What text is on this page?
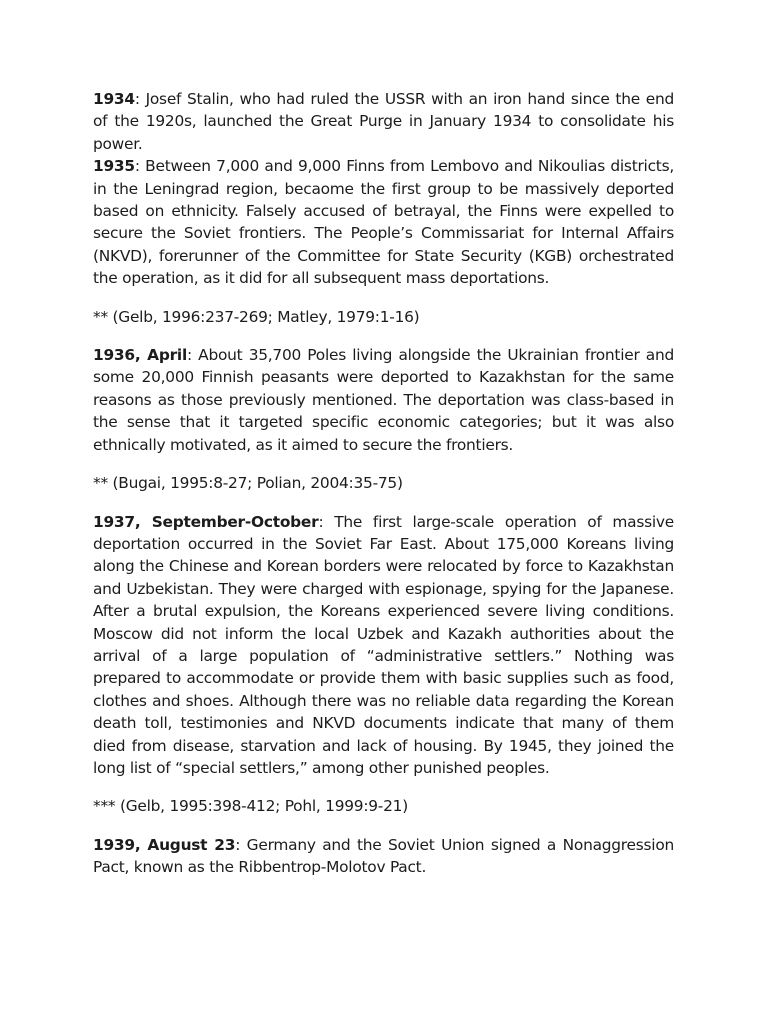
1934: Josef Stalin, who had ruled the USSR with an iron hand since the end of the 1920s, launched the Great Purge in January 1934 to consolidate his power.

1935: Between 7,000 and 9,000 Finns from Lembovo and Nikoulias districts, in the Leningrad region, becaome the first group to be massively deported based on ethnicity. Falsely accused of betrayal, the Finns were expelled to secure the Soviet frontiers. The People’s Commissariat for Internal Affairs (NKVD), forerunner of the Committee for State Security (KGB) orchestrated the operation, as it did for all subsequent mass deportations.

** (Gelb, 1996:237-269; Matley, 1979:1-16)

1936, April: About 35,700 Poles living alongside the Ukrainian frontier and some 20,000 Finnish peasants were deported to Kazakhstan for the same reasons as those previously mentioned. The deportation was class-based in the sense that it targeted specific economic categories; but it was also ethnically motivated, as it aimed to secure the frontiers.

** (Bugai, 1995:8-27; Polian, 2004:35-75)

1937, September-October: The first large-scale operation of massive deportation occurred in the Soviet Far East. About 175,000 Koreans living along the Chinese and Korean borders were relocated by force to Kazakhstan and Uzbekistan. They were charged with espionage, spying for the Japanese. After a brutal expulsion, the Koreans experienced severe living conditions. Moscow did not inform the local Uzbek and Kazakh authorities about the arrival of a large population of “administrative settlers.” Nothing was prepared to accommodate or provide them with basic supplies such as food, clothes and shoes. Although there was no reliable data regarding the Korean death toll, testimonies and NKVD documents indicate that many of them died from disease, starvation and lack of housing. By 1945, they joined the long list of “special settlers,” among other punished peoples.

*** (Gelb, 1995:398-412; Pohl, 1999:9-21)

1939, August 23: Germany and the Soviet Union signed a Nonaggression Pact, known as the Ribbentrop-Molotov Pact.
